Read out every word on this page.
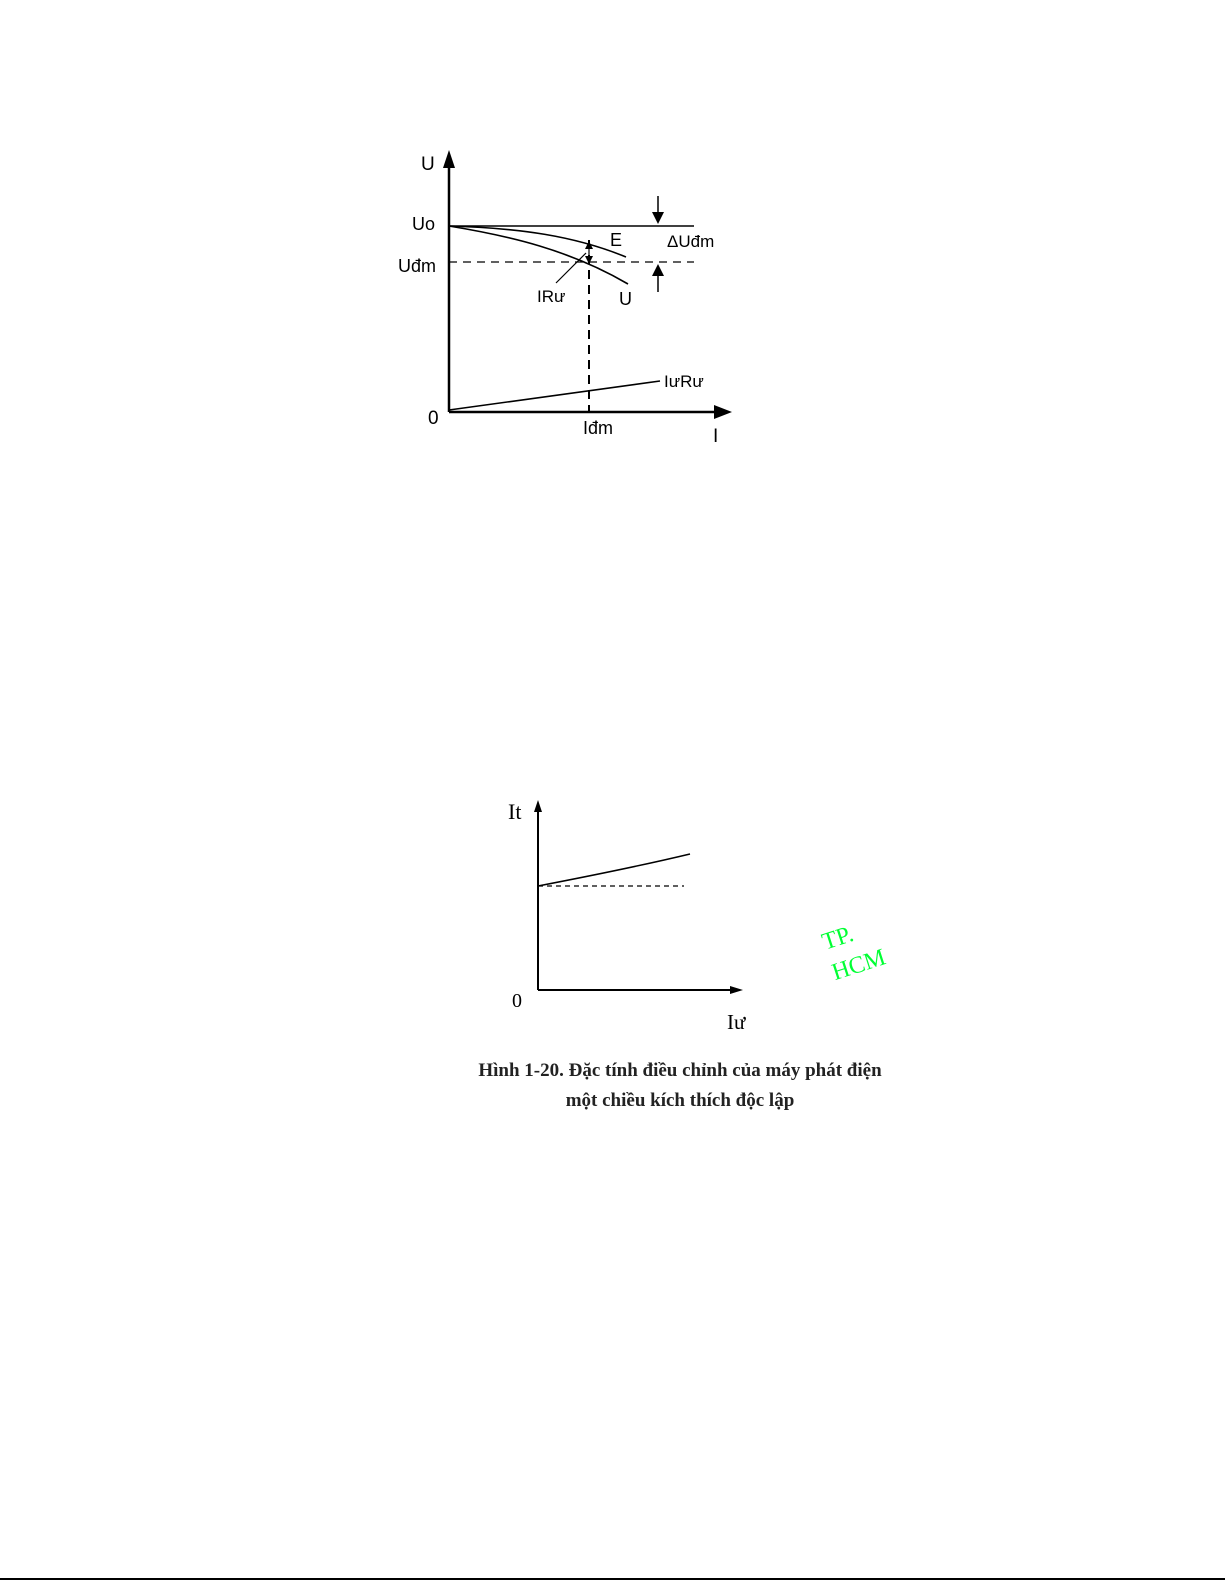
U
Uo
Uđm
0	Iđm	I
E
U
IRư
ΔUđm
IưRư
It
0
Iư
Hình 1-20. Đặc tính điều chỉnh của máy phát điện
một chiều kích thích độc lập
TP.
HCM
